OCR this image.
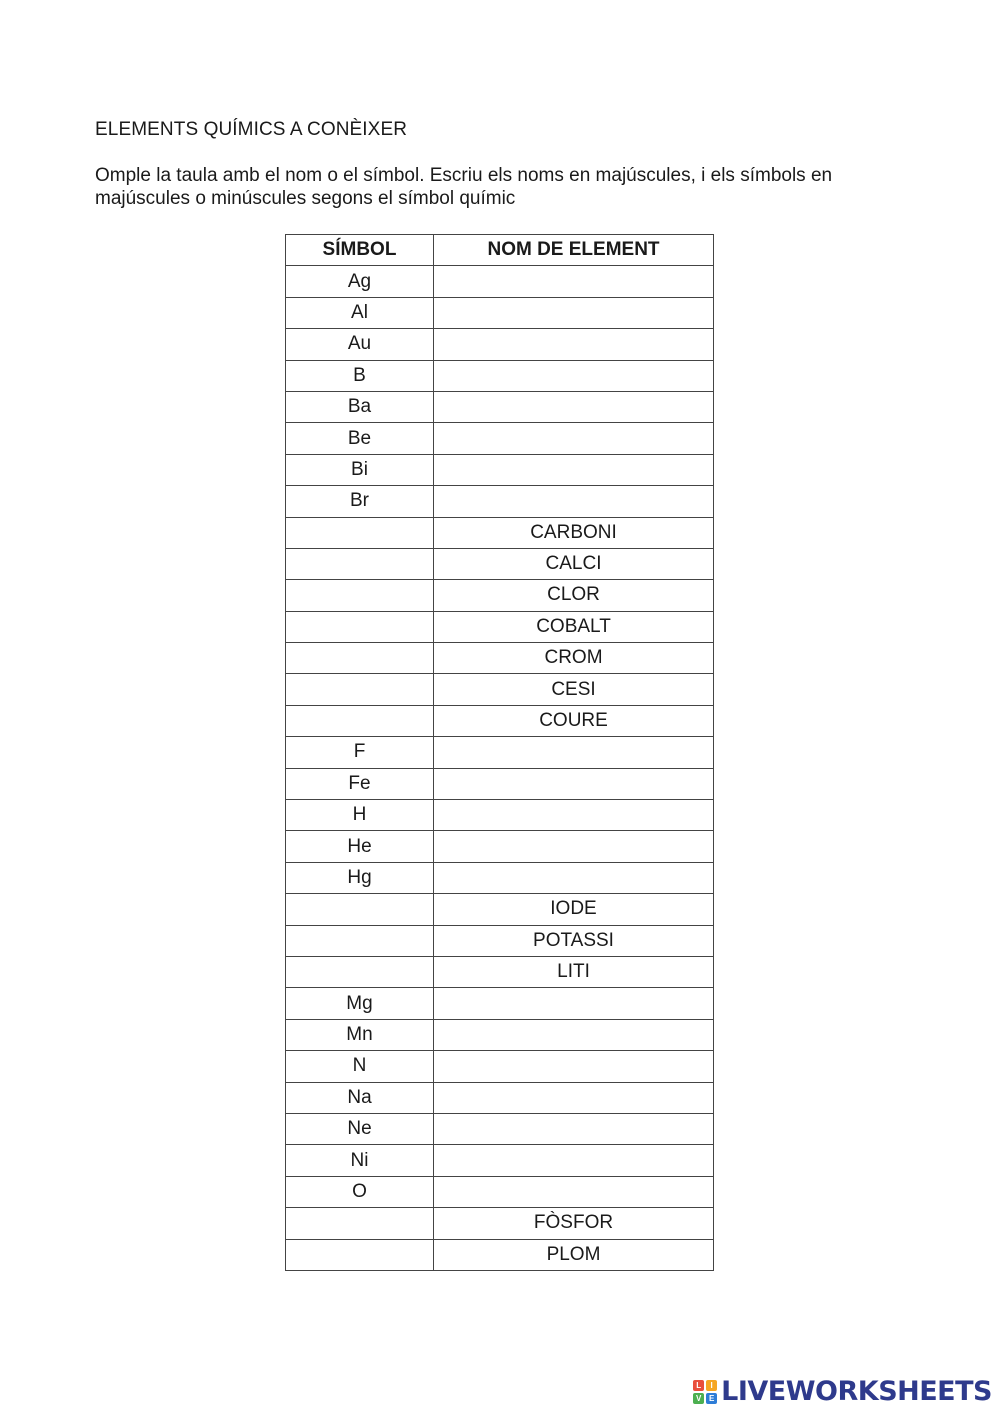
ELEMENTS QUÍMICS A CONÈIXER
Omple la taula amb el nom o el símbol. Escriu els noms en majúscules, i els símbols en majúscules o minúscules segons el símbol químic
SÍMBOL	NOM DE ELEMENT
Ag	
Al	
Au	
B	
Ba	
Be	
Bi	
Br	
	CARBONI
	CALCI
	CLOR
	COBALT
	CROM
	CESI
	COURE
F	
Fe	
H	
He	
Hg	
	IODE
	POTASSI
	LITI
Mg	
Mn	
N	
Na	
Ne	
Ni	
O	
	FÒSFOR
	PLOM
L	I
V E LIVEWORKSHEETS
